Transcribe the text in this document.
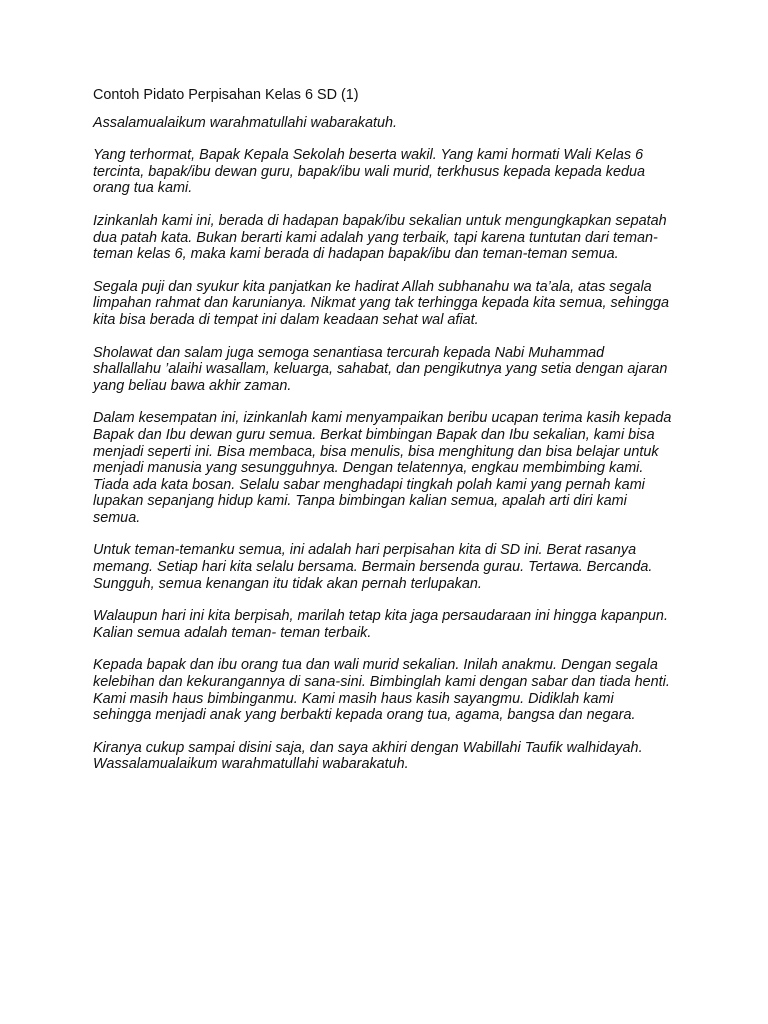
Contoh Pidato Perpisahan Kelas 6 SD (1)

Assalamualaikum warahmatullahi wabarakatuh.

Yang terhormat, Bapak Kepala Sekolah beserta wakil. Yang kami hormati Wali Kelas 6 tercinta, bapak/ibu dewan guru, bapak/ibu wali murid, terkhusus kepada kepada kedua orang tua kami.

Izinkanlah kami ini, berada di hadapan bapak/ibu sekalian untuk mengungkapkan sepatah dua patah kata. Bukan berarti kami adalah yang terbaik, tapi karena tuntutan dari teman-teman kelas 6, maka kami berada di hadapan bapak/ibu dan teman-teman semua.

Segala puji dan syukur kita panjatkan ke hadirat Allah subhanahu wa ta’ala, atas segala limpahan rahmat dan karunianya. Nikmat yang tak terhingga kepada kita semua, sehingga kita bisa berada di tempat ini dalam keadaan sehat wal afiat.

Sholawat dan salam juga semoga senantiasa tercurah kepada Nabi Muhammad shallallahu ’alaihi wasallam, keluarga, sahabat, dan pengikutnya yang setia dengan ajaran yang beliau bawa akhir zaman.

Dalam kesempatan ini, izinkanlah kami menyampaikan beribu ucapan terima kasih kepada Bapak dan Ibu dewan guru semua. Berkat bimbingan Bapak dan Ibu sekalian, kami bisa menjadi seperti ini. Bisa membaca, bisa menulis, bisa menghitung dan bisa belajar untuk menjadi manusia yang sesungguhnya. Dengan telatennya, engkau membimbing kami. Tiada ada kata bosan. Selalu sabar menghadapi tingkah polah kami yang pernah kami lupakan sepanjang hidup kami. Tanpa bimbingan kalian semua, apalah arti diri kami semua.

Untuk teman-temanku semua, ini adalah hari perpisahan kita di SD ini. Berat rasanya memang. Setiap hari kita selalu bersama. Bermain bersenda gurau. Tertawa. Bercanda. Sungguh, semua kenangan itu tidak akan pernah terlupakan.

Walaupun hari ini kita berpisah, marilah tetap kita jaga persaudaraan ini hingga kapanpun. Kalian semua adalah teman- teman terbaik.

Kepada bapak dan ibu orang tua dan wali murid sekalian. Inilah anakmu. Dengan segala kelebihan dan kekurangannya di sana-sini. Bimbinglah kami dengan sabar dan tiada henti. Kami masih haus bimbinganmu. Kami masih haus kasih sayangmu. Didiklah kami sehingga menjadi anak yang berbakti kepada orang tua, agama, bangsa dan negara.

Kiranya cukup sampai disini saja, dan saya akhiri dengan Wabillahi Taufik walhidayah. Wassalamualaikum warahmatullahi wabarakatuh.
